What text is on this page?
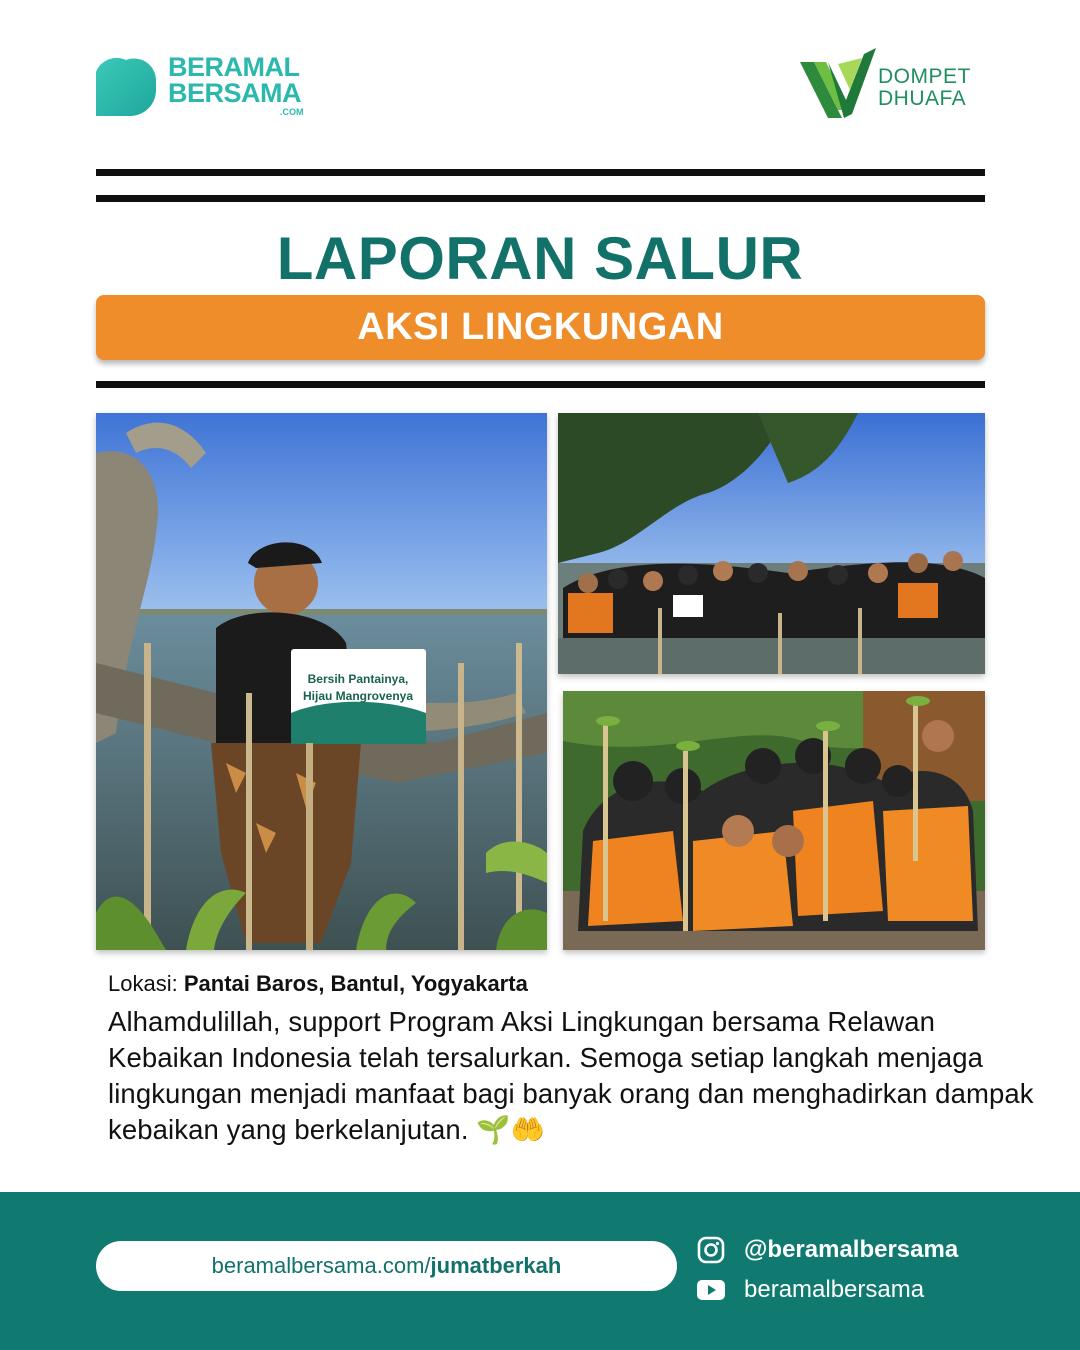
BERAMAL
BERSAMA
.COM
DOMPET
DHUAFA
LAPORAN SALUR
AKSI LINGKUNGAN
Bersih Pantainya,
Hijau Mangrovenya
Lokasi: Pantai Baros, Bantul, Yogyakarta
Alhamdulillah, support Program Aksi Lingkungan bersama Relawan Kebaikan Indonesia telah tersalurkan. Semoga setiap langkah menjaga lingkungan menjadi manfaat bagi banyak orang dan menghadirkan dampak kebaikan yang berkelanjutan. 🌱🤲
beramalbersama.com/ jumatberkah
@beramalbersama
beramalbersama
